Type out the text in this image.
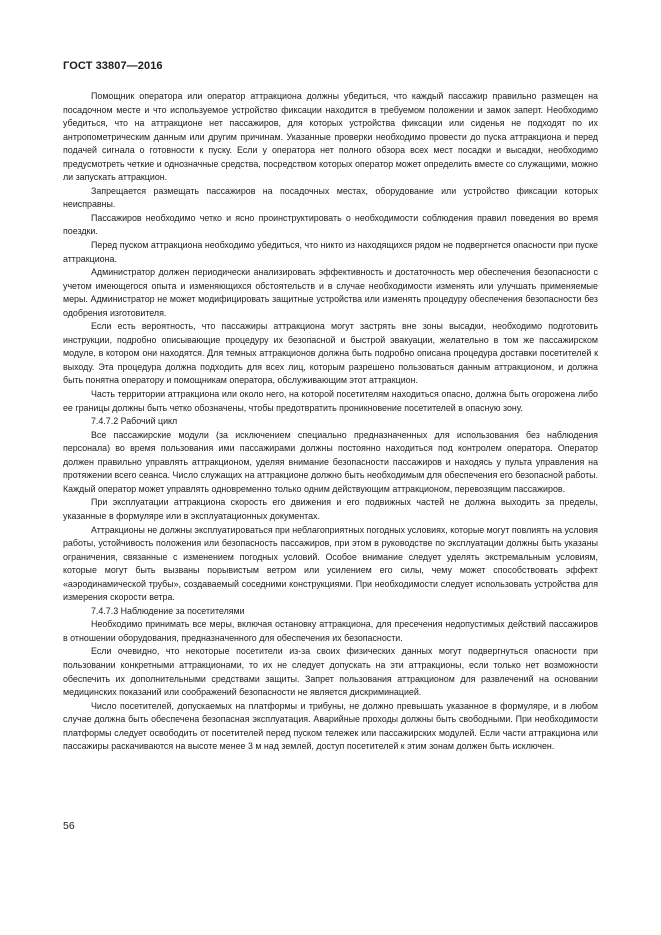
ГОСТ 33807—2016

Помощник оператора или оператор аттракциона должны убедиться, что каждый пассажир правильно размещен на посадочном месте и что используемое устройство фиксации находится в требуемом положении и замок заперт. Необходимо убедиться, что на аттракционе нет пассажиров, для которых устройства фиксации или сиденья не подходят по их антропометрическим данным или другим причинам. Указанные проверки необходимо провести до пуска аттракциона и перед подачей сигнала о готовности к пуску. Если у оператора нет полного обзора всех мест посадки и высадки, необходимо предусмотреть четкие и однозначные средства, посредством которых оператор может определить вместе со служащими, можно ли запускать аттракцион.

Запрещается размещать пассажиров на посадочных местах, оборудование или устройство фиксации которых неисправны.

Пассажиров необходимо четко и ясно проинструктировать о необходимости соблюдения правил поведения во время поездки.

Перед пуском аттракциона необходимо убедиться, что никто из находящихся рядом не подвергнется опасности при пуске аттракциона.

Администратор должен периодически анализировать эффективность и достаточность мер обеспечения безопасности с учетом имеющегося опыта и изменяющихся обстоятельств и в случае необходимости изменять или улучшать применяемые меры. Администратор не может модифицировать защитные устройства или изменять процедуру обеспечения безопасности без одобрения изготовителя.

Если есть вероятность, что пассажиры аттракциона могут застрять вне зоны высадки, необходимо подготовить инструкции, подробно описывающие процедуру их безопасной и быстрой эвакуации, желательно в том же пассажирском модуле, в котором они находятся. Для темных аттракционов должна быть подробно описана процедура доставки посетителей к выходу. Эта процедура должна подходить для всех лиц, которым разрешено пользоваться данным аттракционом, и должна быть понятна оператору и помощникам оператора, обслуживающим этот аттракцион.

Часть территории аттракциона или около него, на которой посетителям находиться опасно, должна быть огорожена либо ее границы должны быть четко обозначены, чтобы предотвратить проникновение посетителей в опасную зону.

7.4.7.2 Рабочий цикл

Все пассажирские модули (за исключением специально предназначенных для использования без наблюдения персонала) во время пользования ими пассажирами должны постоянно находиться под контролем оператора. Оператор должен правильно управлять аттракционом, уделяя внимание безопасности пассажиров и находясь у пульта управления на протяжении всего сеанса. Число служащих на аттракционе должно быть необходимым для обеспечения его безопасной работы. Каждый оператор может управлять одновременно только одним действующим аттракционом, перевозящим пассажиров.

При эксплуатации аттракциона скорость его движения и его подвижных частей не должна выходить за пределы, указанные в формуляре или в эксплуатационных документах.

Аттракционы не должны эксплуатироваться при неблагоприятных погодных условиях, которые могут повлиять на условия работы, устойчивость положения или безопасность пассажиров, при этом в руководстве по эксплуатации должны быть указаны ограничения, связанные с изменением погодных условий. Особое внимание следует уделять экстремальным условиям, которые могут быть вызваны порывистым ветром или усилением его силы, чему может способствовать эффект «аэродинамической трубы», создаваемый соседними конструкциями. При необходимости следует использовать устройства для измерения скорости ветра.

7.4.7.3 Наблюдение за посетителями

Необходимо принимать все меры, включая остановку аттракциона, для пресечения недопустимых действий пассажиров в отношении оборудования, предназначенного для обеспечения их безопасности.

Если очевидно, что некоторые посетители из-за своих физических данных могут подвергнуться опасности при пользовании конкретными аттракционами, то их не следует допускать на эти аттракционы, если только нет возможности обеспечить их дополнительными средствами защиты. Запрет пользования аттракционом для развлечений на основании медицинских показаний или соображений безопасности не является дискриминацией.

Число посетителей, допускаемых на платформы и трибуны, не должно превышать указанное в формуляре, и в любом случае должна быть обеспечена безопасная эксплуатация. Аварийные проходы должны быть свободными. При необходимости платформы следует освободить от посетителей перед пуском тележек или пассажирских модулей. Если части аттракциона или пассажиры раскачиваются на высоте менее 3 м над землей, доступ посетителей к этим зонам должен быть исключен.

56
